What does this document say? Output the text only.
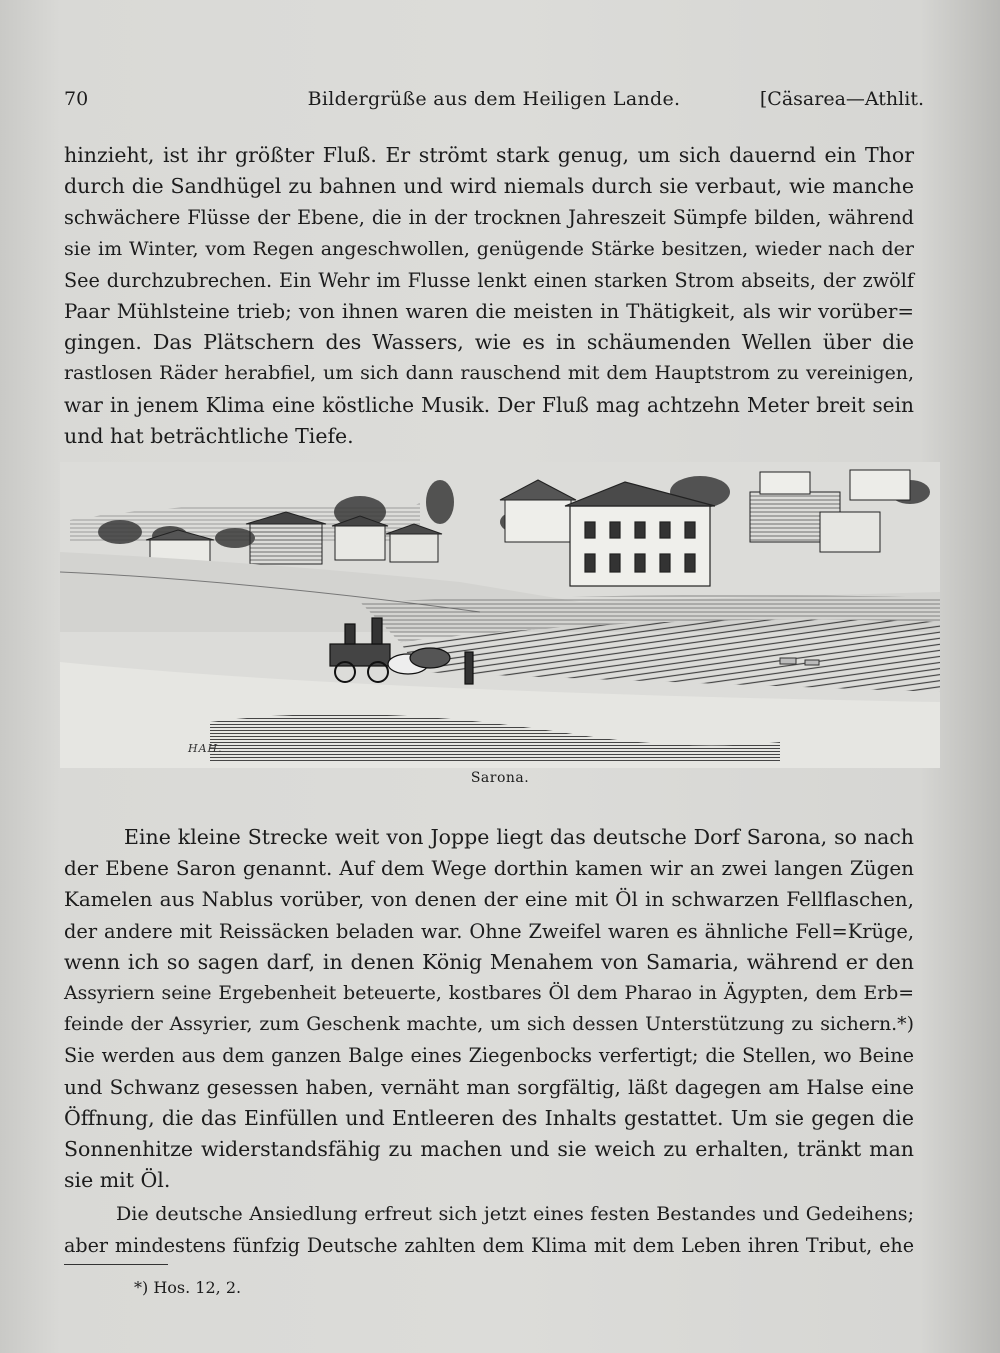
70	Bildergrüße aus dem Heiligen Lande.	[Cäsarea—Athlit.
hinzieht, ist ihr größter Fluß. Er strömt stark genug, um sich dauernd ein Thor
durch die Sandhügel zu bahnen und wird niemals durch sie verbaut, wie manche
schwächere Flüsse der Ebene, die in der trocknen Jahreszeit Sümpfe bilden, während
sie im Winter, vom Regen angeschwollen, genügende Stärke besitzen, wieder nach der
See durchzubrechen. Ein Wehr im Flusse lenkt einen starken Strom abseits, der zwölf
Paar Mühlsteine trieb; von ihnen waren die meisten in Thätigkeit, als wir vorüber=
gingen. Das Plätschern des Wassers, wie es in schäumenden Wellen über die
rastlosen Räder herabfiel, um sich dann rauschend mit dem Hauptstrom zu vereinigen,
war in jenem Klima eine köstliche Musik. Der Fluß mag achtzehn Meter breit sein
und hat beträchtliche Tiefe.
HAH.
Sarona.
Eine kleine Strecke weit von Joppe liegt das deutsche Dorf Sarona, so nach
der Ebene Saron genannt. Auf dem Wege dorthin kamen wir an zwei langen Zügen
Kamelen aus Nablus vorüber, von denen der eine mit Öl in schwarzen Fellflaschen,
der andere mit Reissäcken beladen war. Ohne Zweifel waren es ähnliche Fell=Krüge,
wenn ich so sagen darf, in denen König Menahem von Samaria, während er den
Assyriern seine Ergebenheit beteuerte, kostbares Öl dem Pharao in Ägypten, dem Erb=
feinde der Assyrier, zum Geschenk machte, um sich dessen Unterstützung zu sichern.*)
Sie werden aus dem ganzen Balge eines Ziegenbocks verfertigt; die Stellen, wo Beine
und Schwanz gesessen haben, vernäht man sorgfältig, läßt dagegen am Halse eine
Öffnung, die das Einfüllen und Entleeren des Inhalts gestattet. Um sie gegen die
Sonnenhitze widerstandsfähig zu machen und sie weich zu erhalten, tränkt man
sie mit Öl.
Die deutsche Ansiedlung erfreut sich jetzt eines festen Bestandes und Gedeihens;
aber mindestens fünfzig Deutsche zahlten dem Klima mit dem Leben ihren Tribut, ehe
*) Hos. 12, 2.
